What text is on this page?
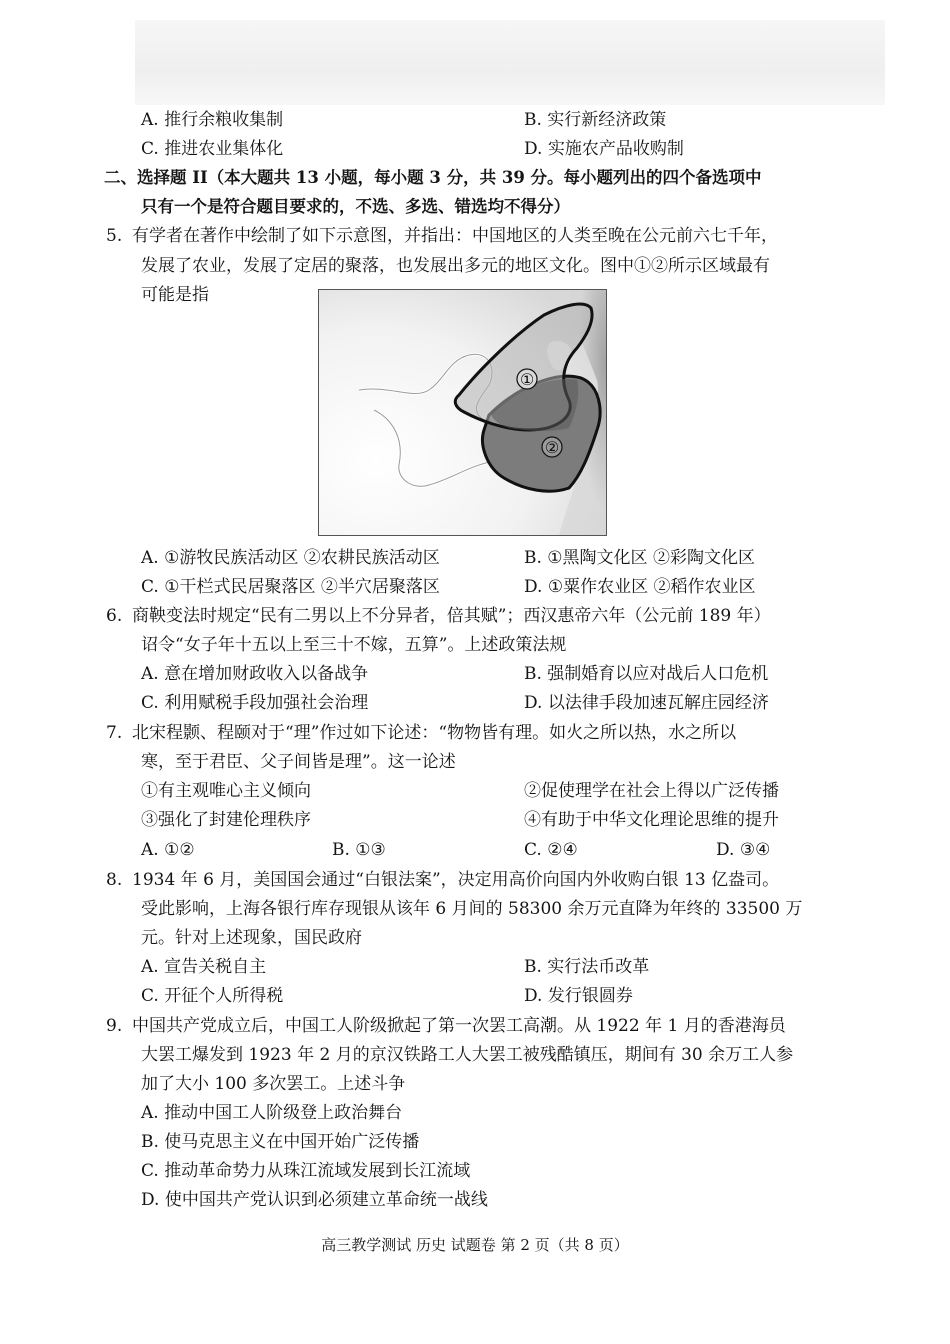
A. 推行余粮收集制	B. 实行新经济政策
C. 推进农业集体化	D. 实施农产品收购制
二、选择题 II（本大题共 13 小题，每小题 3 分，共 39 分。每小题列出的四个备选项中
只有一个是符合题目要求的，不选、多选、错选均不得分）
5. 有学者在著作中绘制了如下示意图，并指出：中国地区的人类至晚在公元前六七千年，
发展了农业，发展了定居的聚落，也发展出多元的地区文化。图中①②所示区域最有
可能是指
①
②
A. ①游牧民族活动区 ②农耕民族活动区	B. ①黑陶文化区 ②彩陶文化区
C. ①干栏式民居聚落区 ②半穴居聚落区	D. ①粟作农业区 ②稻作农业区
6. 商鞅变法时规定“民有二男以上不分异者，倍其赋”；西汉惠帝六年（公元前 189 年）
诏令“女子年十五以上至三十不嫁，五算”。上述政策法规
A. 意在增加财政收入以备战争	B. 强制婚育以应对战后人口危机
C. 利用赋税手段加强社会治理	D. 以法律手段加速瓦解庄园经济
7. 北宋程颢、程颐对于“理”作过如下论述：“物物皆有理。如火之所以热，水之所以
寒，至于君臣、父子间皆是理”。这一论述
①有主观唯心主义倾向	②促使理学在社会上得以广泛传播
③强化了封建伦理秩序	④有助于中华文化理论思维的提升
A. ①②	B. ①③	C. ②④	D. ③④
8. 1934 年 6 月，美国国会通过“白银法案”，决定用高价向国内外收购白银 13 亿盎司。
受此影响，上海各银行库存现银从该年 6 月间的 58300 余万元直降为年终的 33500 万
元。针对上述现象，国民政府
A. 宣告关税自主	B. 实行法币改革
C. 开征个人所得税	D. 发行银圆券
9. 中国共产党成立后，中国工人阶级掀起了第一次罢工高潮。从 1922 年 1 月的香港海员
大罢工爆发到 1923 年 2 月的京汉铁路工人大罢工被残酷镇压，期间有 30 余万工人参
加了大小 100 多次罢工。上述斗争
A. 推动中国工人阶级登上政治舞台
B. 使马克思主义在中国开始广泛传播
C. 推动革命势力从珠江流域发展到长江流域
D. 使中国共产党认识到必须建立革命统一战线
高三教学测试 历史 试题卷 第 2 页（共 8 页）
